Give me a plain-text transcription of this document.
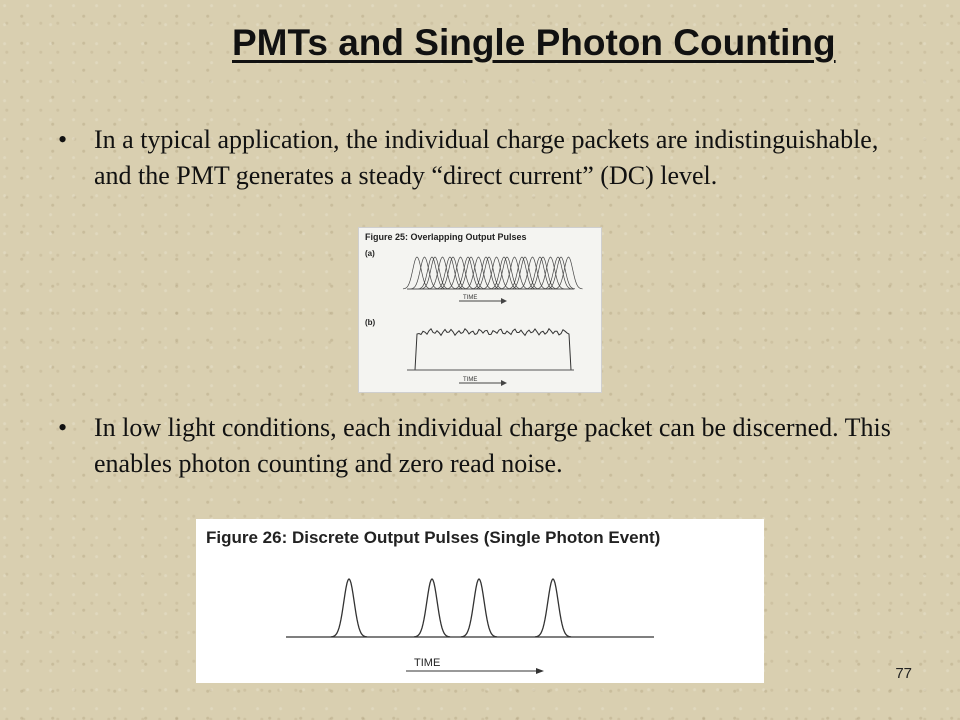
PMTs and Single Photon Counting
• In a typical application, the individual charge packets are indistinguishable, and the PMT generates a steady “direct current” (DC) level.
Figure 25: Overlapping Output Pulses
(a)
TIME
(b)
TIME
• In low light conditions, each individual charge packet can be discerned. This enables photon counting and zero read noise.
Figure 26: Discrete Output Pulses (Single Photon Event)
TIME
77
